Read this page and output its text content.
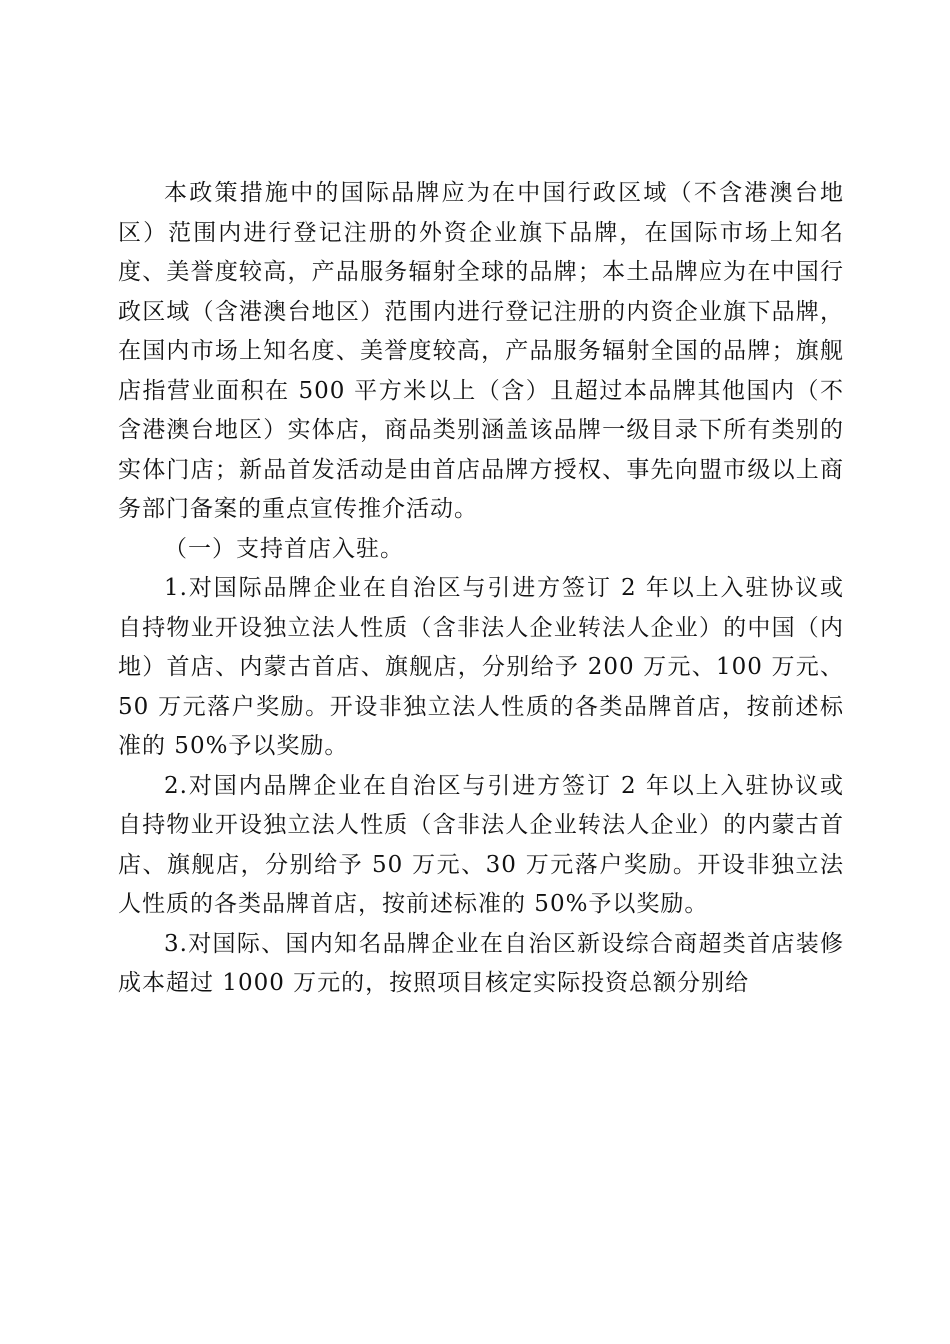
本政策措施中的国际品牌应为在中国行政区域（不含港澳台地区）范围内进行登记注册的外资企业旗下品牌，在国际市场上知名度、美誉度较高，产品服务辐射全球的品牌；本土品牌应为在中国行政区域（含港澳台地区）范围内进行登记注册的内资企业旗下品牌，在国内市场上知名度、美誉度较高，产品服务辐射全国的品牌；旗舰店指营业面积在 500 平方米以上（含）且超过本品牌其他国内（不含港澳台地区）实体店，商品类别涵盖该品牌一级目录下所有类别的实体门店；新品首发活动是由首店品牌方授权、事先向盟市级以上商务部门备案的重点宣传推介活动。

（一）支持首店入驻。

1.对国际品牌企业在自治区与引进方签订 2 年以上入驻协议或自持物业开设独立法人性质（含非法人企业转法人企业）的中国（内地）首店、内蒙古首店、旗舰店，分别给予 200 万元、100 万元、50 万元落户奖励。开设非独立法人性质的各类品牌首店，按前述标准的 50%予以奖励。

2.对国内品牌企业在自治区与引进方签订 2 年以上入驻协议或自持物业开设独立法人性质（含非法人企业转法人企业）的内蒙古首店、旗舰店，分别给予 50 万元、30 万元落户奖励。开设非独立法人性质的各类品牌首店，按前述标准的 50%予以奖励。

3.对国际、国内知名品牌企业在自治区新设综合商超类首店装修成本超过 1000 万元的，按照项目核定实际投资总额分别给
